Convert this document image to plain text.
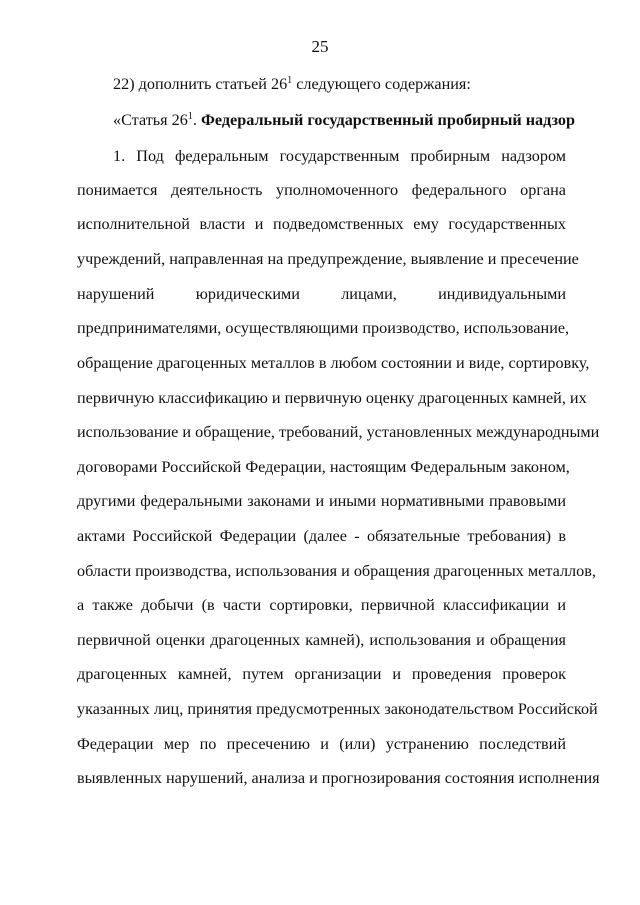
25
22) дополнить статьей $26^1$ следующего содержания:
«Статья $26^1$. Федеральный государственный пробирный надзор
1. Под федеральным государственным пробирным надзором
понимается деятельность уполномоченного федерального органа
исполнительной власти и подведомственных ему государственных
учреждений, направленная на предупреждение, выявление и пресечение
нарушений юридическими лицами, индивидуальными
предпринимателями, осуществляющими производство, использование,
обращение драгоценных металлов в любом состоянии и виде, сортировку,
первичную классификацию и первичную оценку драгоценных камней, их
использование и обращение, требований, установленных международными
договорами Российской Федерации, настоящим Федеральным законом,
другими федеральными законами и иными нормативными правовыми
актами Российской Федерации (далее - обязательные требования) в
области производства, использования и обращения драгоценных металлов,
а также добычи (в части сортировки, первичной классификации и
первичной оценки драгоценных камней), использования и обращения
драгоценных камней, путем организации и проведения проверок
указанных лиц, принятия предусмотренных законодательством Российской
Федерации мер по пресечению и (или) устранению последствий
выявленных нарушений, анализа и прогнозирования состояния исполнения
